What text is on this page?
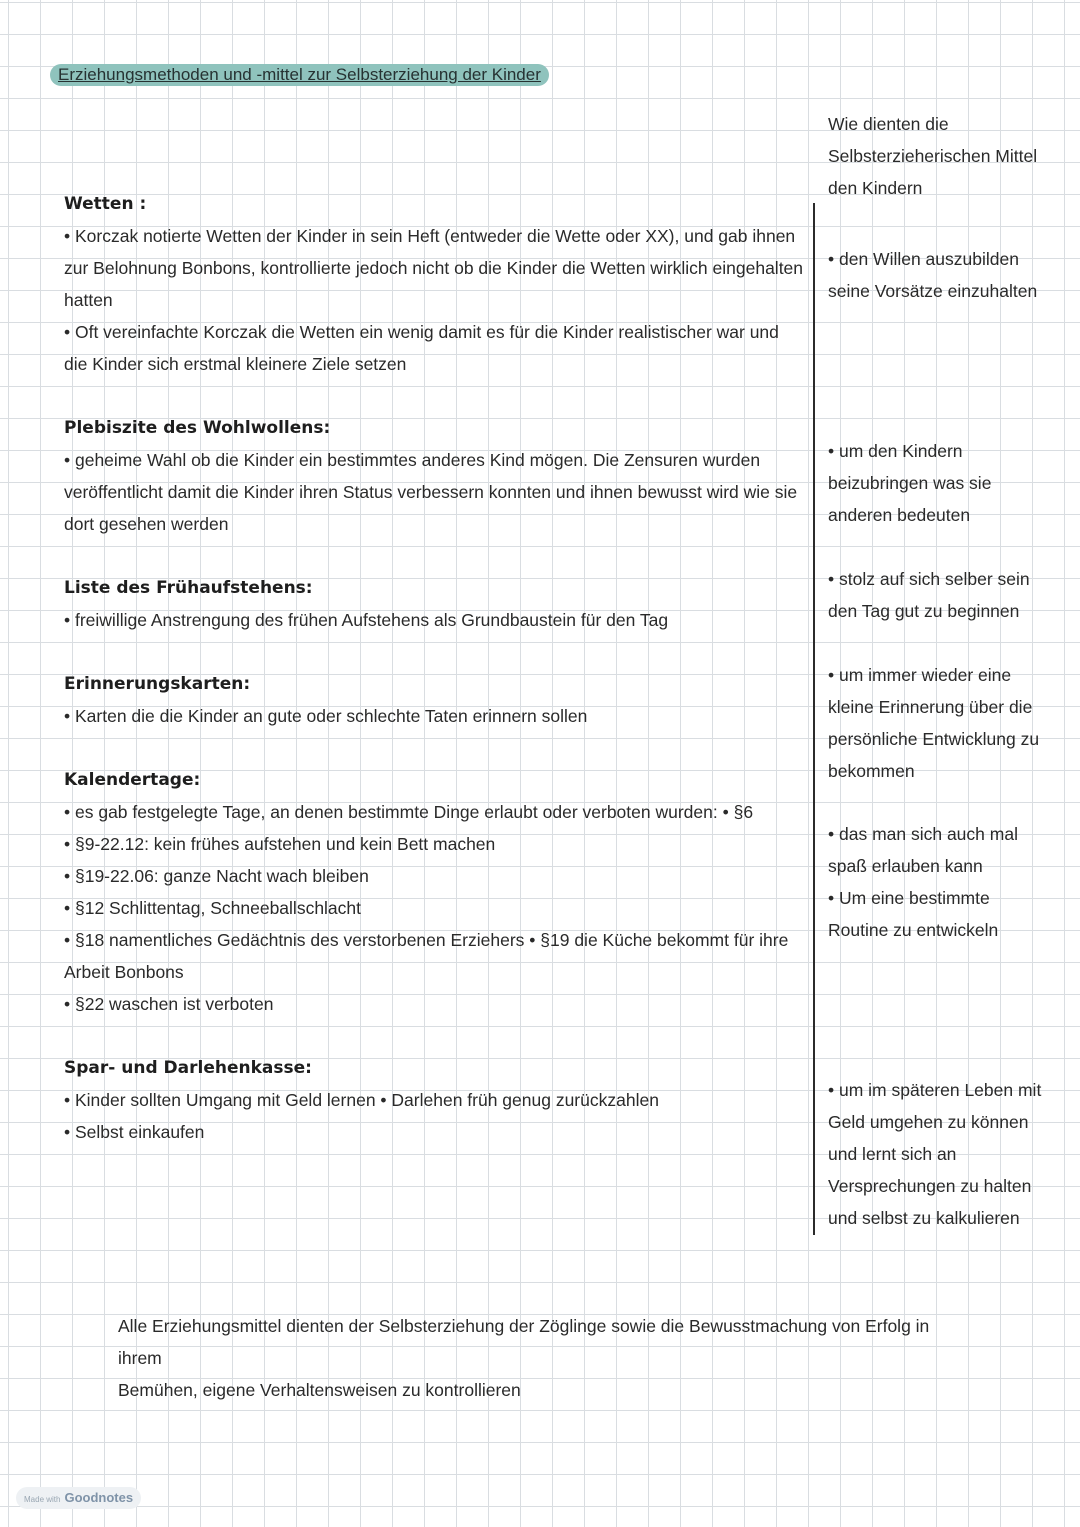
Erziehungsmethoden und -mittel zur Selbsterziehung der Kinder
Wetten :
• Korczak notierte Wetten der Kinder in sein Heft (entweder die Wette oder XX), und gab ihnen
zur Belohnung Bonbons, kontrollierte jedoch nicht ob die Kinder die Wetten wirklich eingehalten
hatten
• Oft vereinfachte Korczak die Wetten ein wenig damit es für die Kinder realistischer war und
die Kinder sich erstmal kleinere Ziele setzen
Plebiszite des Wohlwollens:
• geheime Wahl ob die Kinder ein bestimmtes anderes Kind mögen. Die Zensuren wurden
veröffentlicht damit die Kinder ihren Status verbessern konnten und ihnen bewusst wird wie sie
dort gesehen werden
Liste des Frühaufstehens:
• freiwillige Anstrengung des frühen Aufstehens als Grundbaustein für den Tag
Erinnerungskarten:
• Karten die die Kinder an gute oder schlechte Taten erinnern sollen
Kalendertage:
• es gab festgelegte Tage, an denen bestimmte Dinge erlaubt oder verboten wurden: • §6
• §9-22.12: kein frühes aufstehen und kein Bett machen
• §19-22.06: ganze Nacht wach bleiben
• §12 Schlittentag, Schneeballschlacht
• §18 namentliches Gedächtnis des verstorbenen Erziehers • §19 die Küche bekommt für ihre
Arbeit Bonbons
• §22 waschen ist verboten
Spar- und Darlehenkasse:
• Kinder sollten Umgang mit Geld lernen • Darlehen früh genug zurückzahlen
• Selbst einkaufen
Wie dienten die
Selbsterzieherischen Mittel
den Kindern
• den Willen auszubilden
seine Vorsätze einzuhalten
• um den Kindern
beizubringen was sie
anderen bedeuten
• stolz auf sich selber sein
den Tag gut zu beginnen
• um immer wieder eine
kleine Erinnerung über die
persönliche Entwicklung zu
bekommen
• das man sich auch mal
spaß erlauben kann
• Um eine bestimmte
Routine zu entwickeln
• um im späteren Leben mit
Geld umgehen zu können
und lernt sich an
Versprechungen zu halten
und selbst zu kalkulieren
Alle Erziehungsmittel dienten der Selbsterziehung der Zöglinge sowie die Bewusstmachung von Erfolg in ihrem
Bemühen, eigene Verhaltensweisen zu kontrollieren
Made with Goodnotes
